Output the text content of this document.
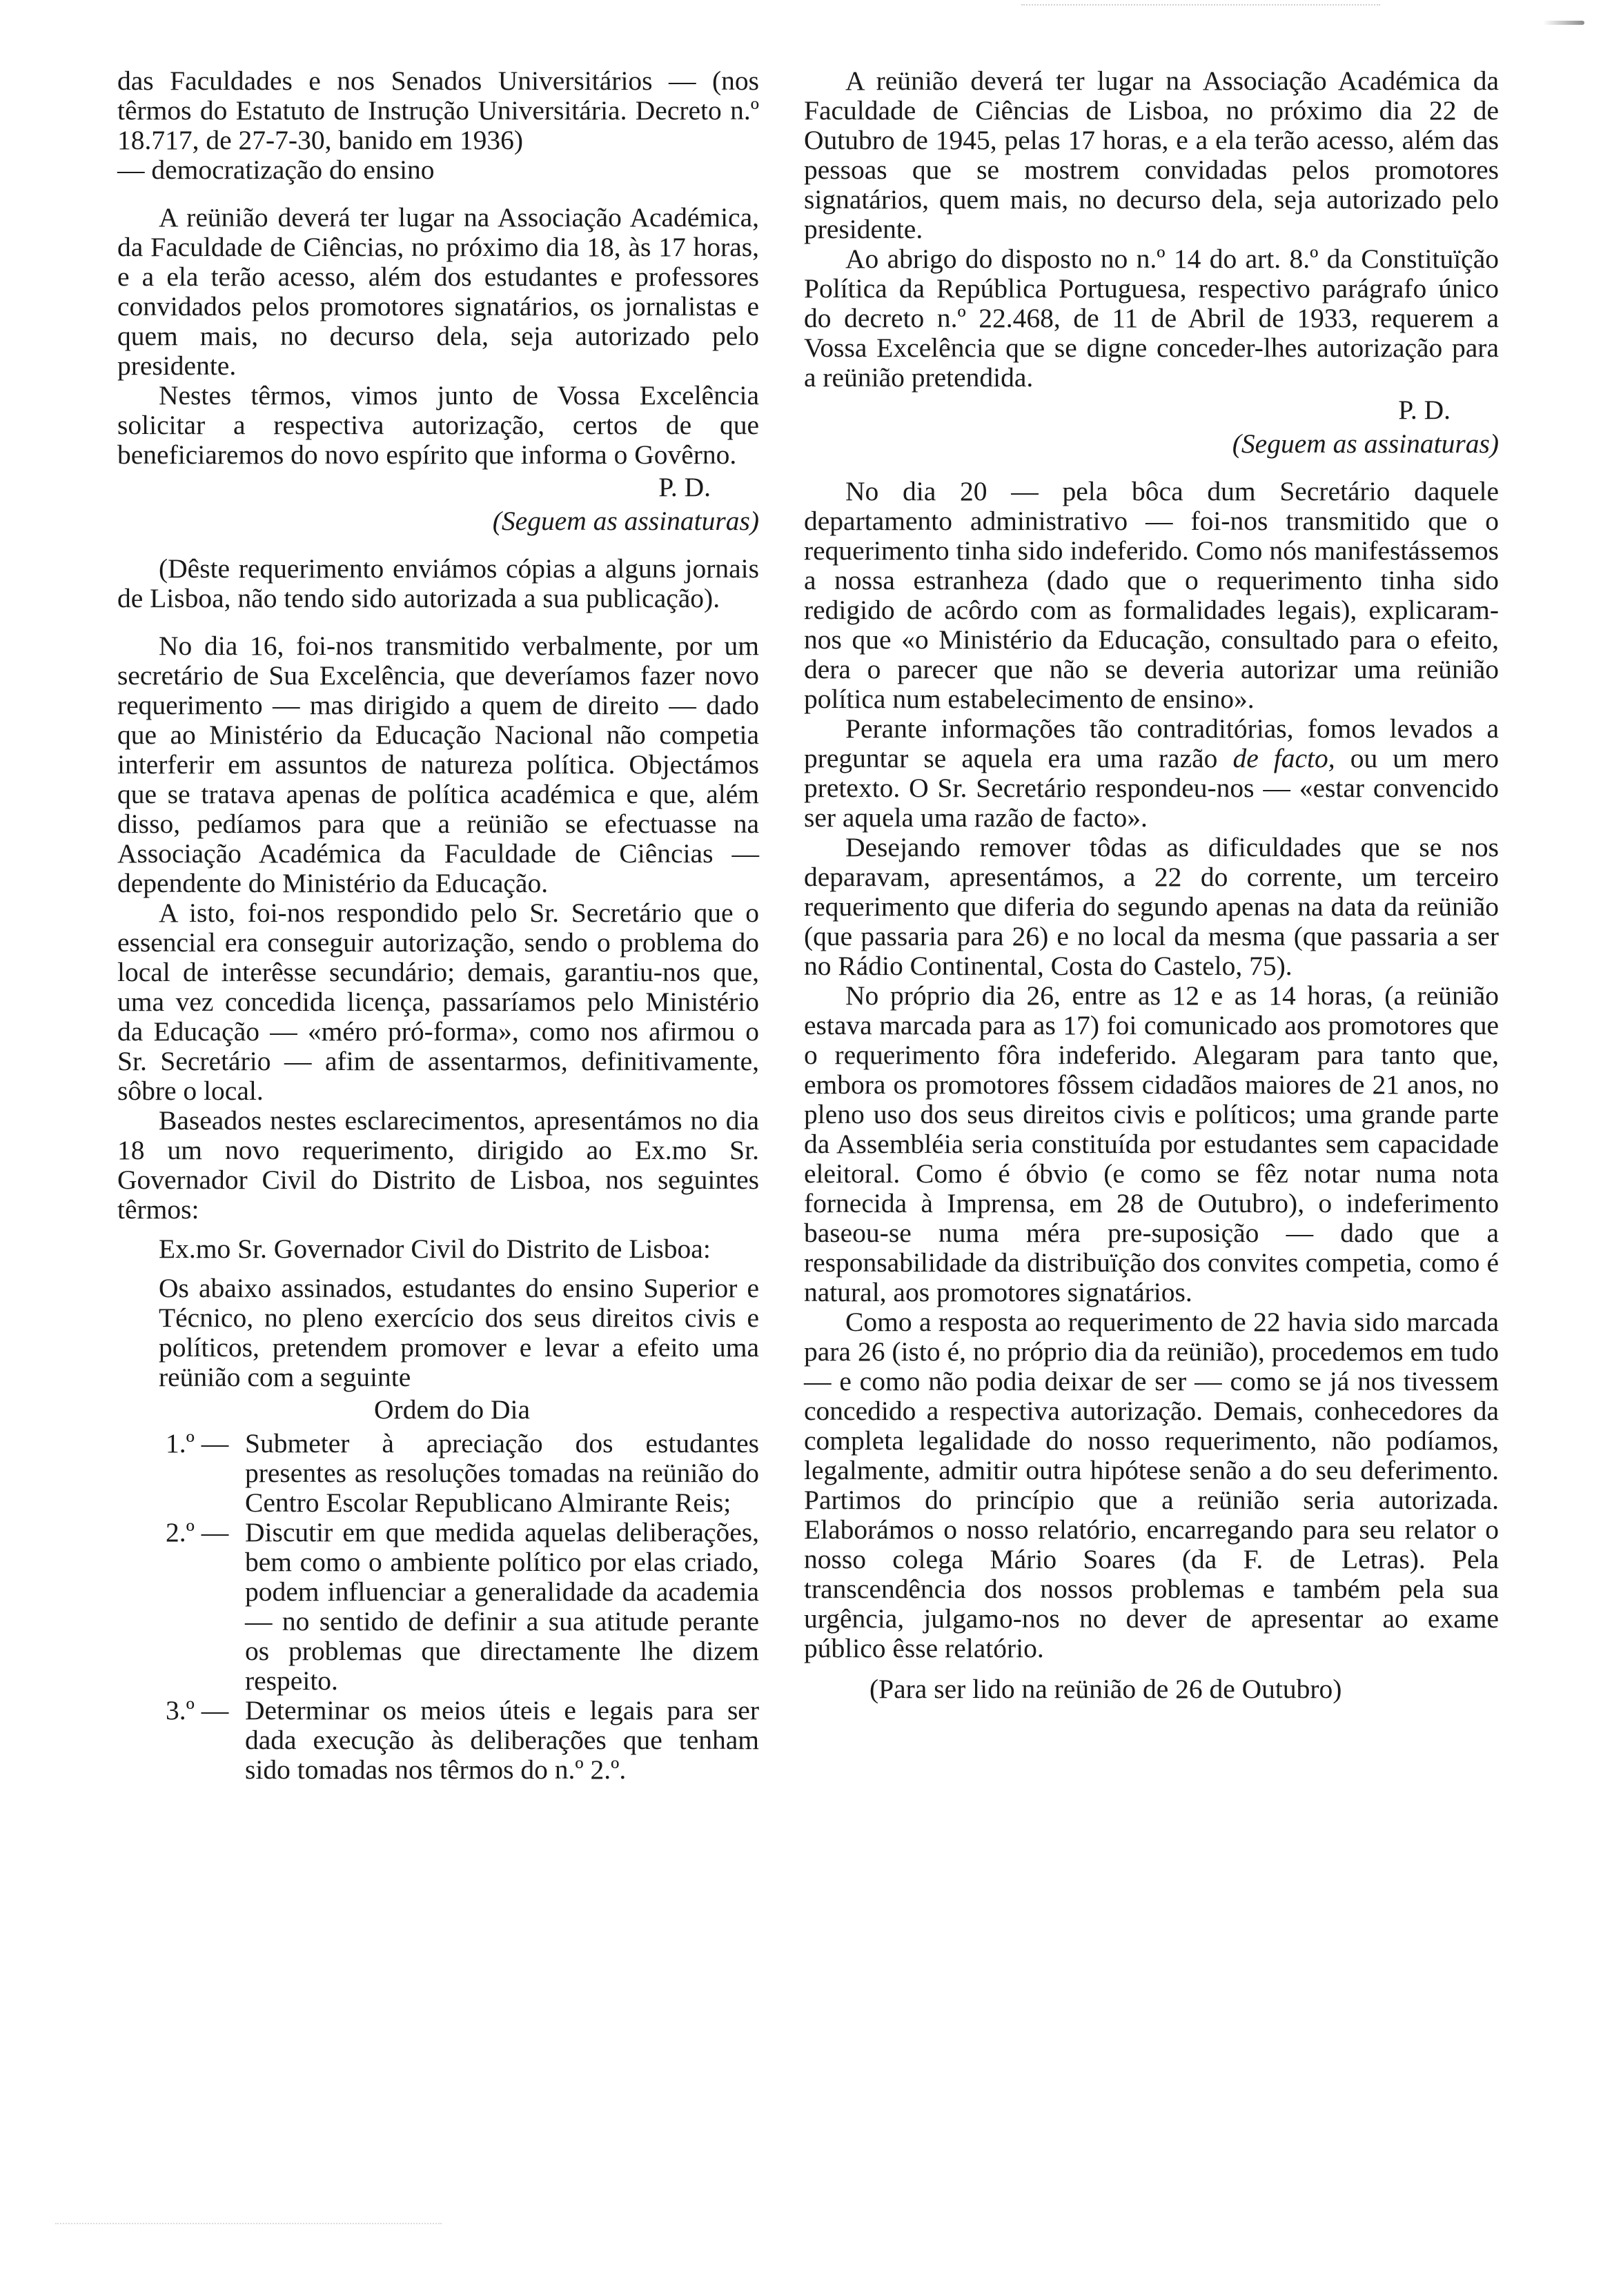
das Faculdades e nos Senados Universitários — (nos têrmos do Estatuto de Instrução Universitária. Decreto n.º 18.717, de 27-7-30, banido em 1936)

— democratização do ensino

A reünião deverá ter lugar na Associação Académica, da Faculdade de Ciências, no próximo dia 18, às 17 horas, e a ela terão acesso, além dos estudantes e professores convidados pelos promotores signatários, os jornalistas e quem mais, no decurso dela, seja autorizado pelo presidente.

Nestes têrmos, vimos junto de Vossa Excelência solicitar a respectiva autorização, certos de que beneficiaremos do novo espírito que informa o Govêrno.

P. D.

(Seguem as assinaturas)

(Dêste requerimento enviámos cópias a alguns jornais de Lisboa, não tendo sido autorizada a sua publicação).

No dia 16, foi-nos transmitido verbalmente, por um secretário de Sua Excelência, que deveríamos fazer novo requerimento — mas dirigido a quem de direito — dado que ao Ministério da Educação Nacional não competia interferir em assuntos de natureza política. Objectámos que se tratava apenas de política académica e que, além disso, pedíamos para que a reünião se efectuasse na Associação Académica da Faculdade de Ciências — dependente do Ministério da Educação.

A isto, foi-nos respondido pelo Sr. Secretário que o essencial era conseguir autorização, sendo o problema do local de interêsse secundário; demais, garantiu-nos que, uma vez concedida licença, passaríamos pelo Ministério da Educação — «méro pró-forma», como nos afirmou o Sr. Secretário — afim de assentarmos, definitivamente, sôbre o local.

Baseados nestes esclarecimentos, apresentámos no dia 18 um novo requerimento, dirigido ao Ex.mo Sr. Governador Civil do Distrito de Lisboa, nos seguintes têrmos:

Ex.mo Sr. Governador Civil do Distrito de Lisboa:

Os abaixo assinados, estudantes do ensino Superior e Técnico, no pleno exercício dos seus direitos civis e políticos, pretendem promover e levar a efeito uma reünião com a seguinte

Ordem do Dia

1.º — Submeter à apreciação dos estudantes presentes as resoluções tomadas na reünião do Centro Escolar Republicano Almirante Reis;
2.º — Discutir em que medida aquelas deliberações, bem como o ambiente político por elas criado, podem influenciar a generalidade da academia — no sentido de definir a sua atitude perante os problemas que directamente lhe dizem respeito.
3.º — Determinar os meios úteis e legais para ser dada execução às deliberações que tenham sido tomadas nos têrmos do n.º 2.º.

A reünião deverá ter lugar na Associação Académica da Faculdade de Ciências de Lisboa, no próximo dia 22 de Outubro de 1945, pelas 17 horas, e a ela terão acesso, além das pessoas que se mostrem convidadas pelos promotores signatários, quem mais, no decurso dela, seja autorizado pelo presidente.

Ao abrigo do disposto no n.º 14 do art. 8.º da Constituïção Política da República Portuguesa, respectivo parágrafo único do decreto n.º 22.468, de 11 de Abril de 1933, requerem a Vossa Excelência que se digne conceder-lhes autorização para a reünião pretendida.

P. D.

(Seguem as assinaturas)

No dia 20 — pela bôca dum Secretário daquele departamento administrativo — foi-nos transmitido que o requerimento tinha sido indeferido. Como nós manifestássemos a nossa estranheza (dado que o requerimento tinha sido redigido de acôrdo com as formalidades legais), explicaram-nos que «o Ministério da Educação, consultado para o efeito, dera o parecer que não se deveria autorizar uma reünião política num estabelecimento de ensino».

Perante informações tão contraditórias, fomos levados a preguntar se aquela era uma razão de facto, ou um mero pretexto. O Sr. Secretário respondeu-nos — «estar convencido ser aquela uma razão de facto».

Desejando remover tôdas as dificuldades que se nos deparavam, apresentámos, a 22 do corrente, um terceiro requerimento que diferia do segundo apenas na data da reünião (que passaria para 26) e no local da mesma (que passaria a ser no Rádio Continental, Costa do Castelo, 75).

No próprio dia 26, entre as 12 e as 14 horas, (a reünião estava marcada para as 17) foi comunicado aos promotores que o requerimento fôra indeferido. Alegaram para tanto que, embora os promotores fôssem cidadãos maiores de 21 anos, no pleno uso dos seus direitos civis e políticos; uma grande parte da Assembléia seria constituída por estudantes sem capacidade eleitoral. Como é óbvio (e como se fêz notar numa nota fornecida à Imprensa, em 28 de Outubro), o indeferimento baseou-se numa méra pre-suposição — dado que a responsabilidade da distribuïção dos convites competia, como é natural, aos promotores signatários.

Como a resposta ao requerimento de 22 havia sido marcada para 26 (isto é, no próprio dia da reünião), procedemos em tudo — e como não podia deixar de ser — como se já nos tivessem concedido a respectiva autorização. Demais, conhecedores da completa legalidade do nosso requerimento, não podíamos, legalmente, admitir outra hipótese senão a do seu deferimento. Partimos do princípio que a reünião seria autorizada. Elaborámos o nosso relatório, encarregando para seu relator o nosso colega Mário Soares (da F. de Letras). Pela transcendência dos nossos problemas e também pela sua urgência, julgamo-nos no dever de apresentar ao exame público êsse relatório.

(Para ser lido na reünião de 26 de Outubro)
